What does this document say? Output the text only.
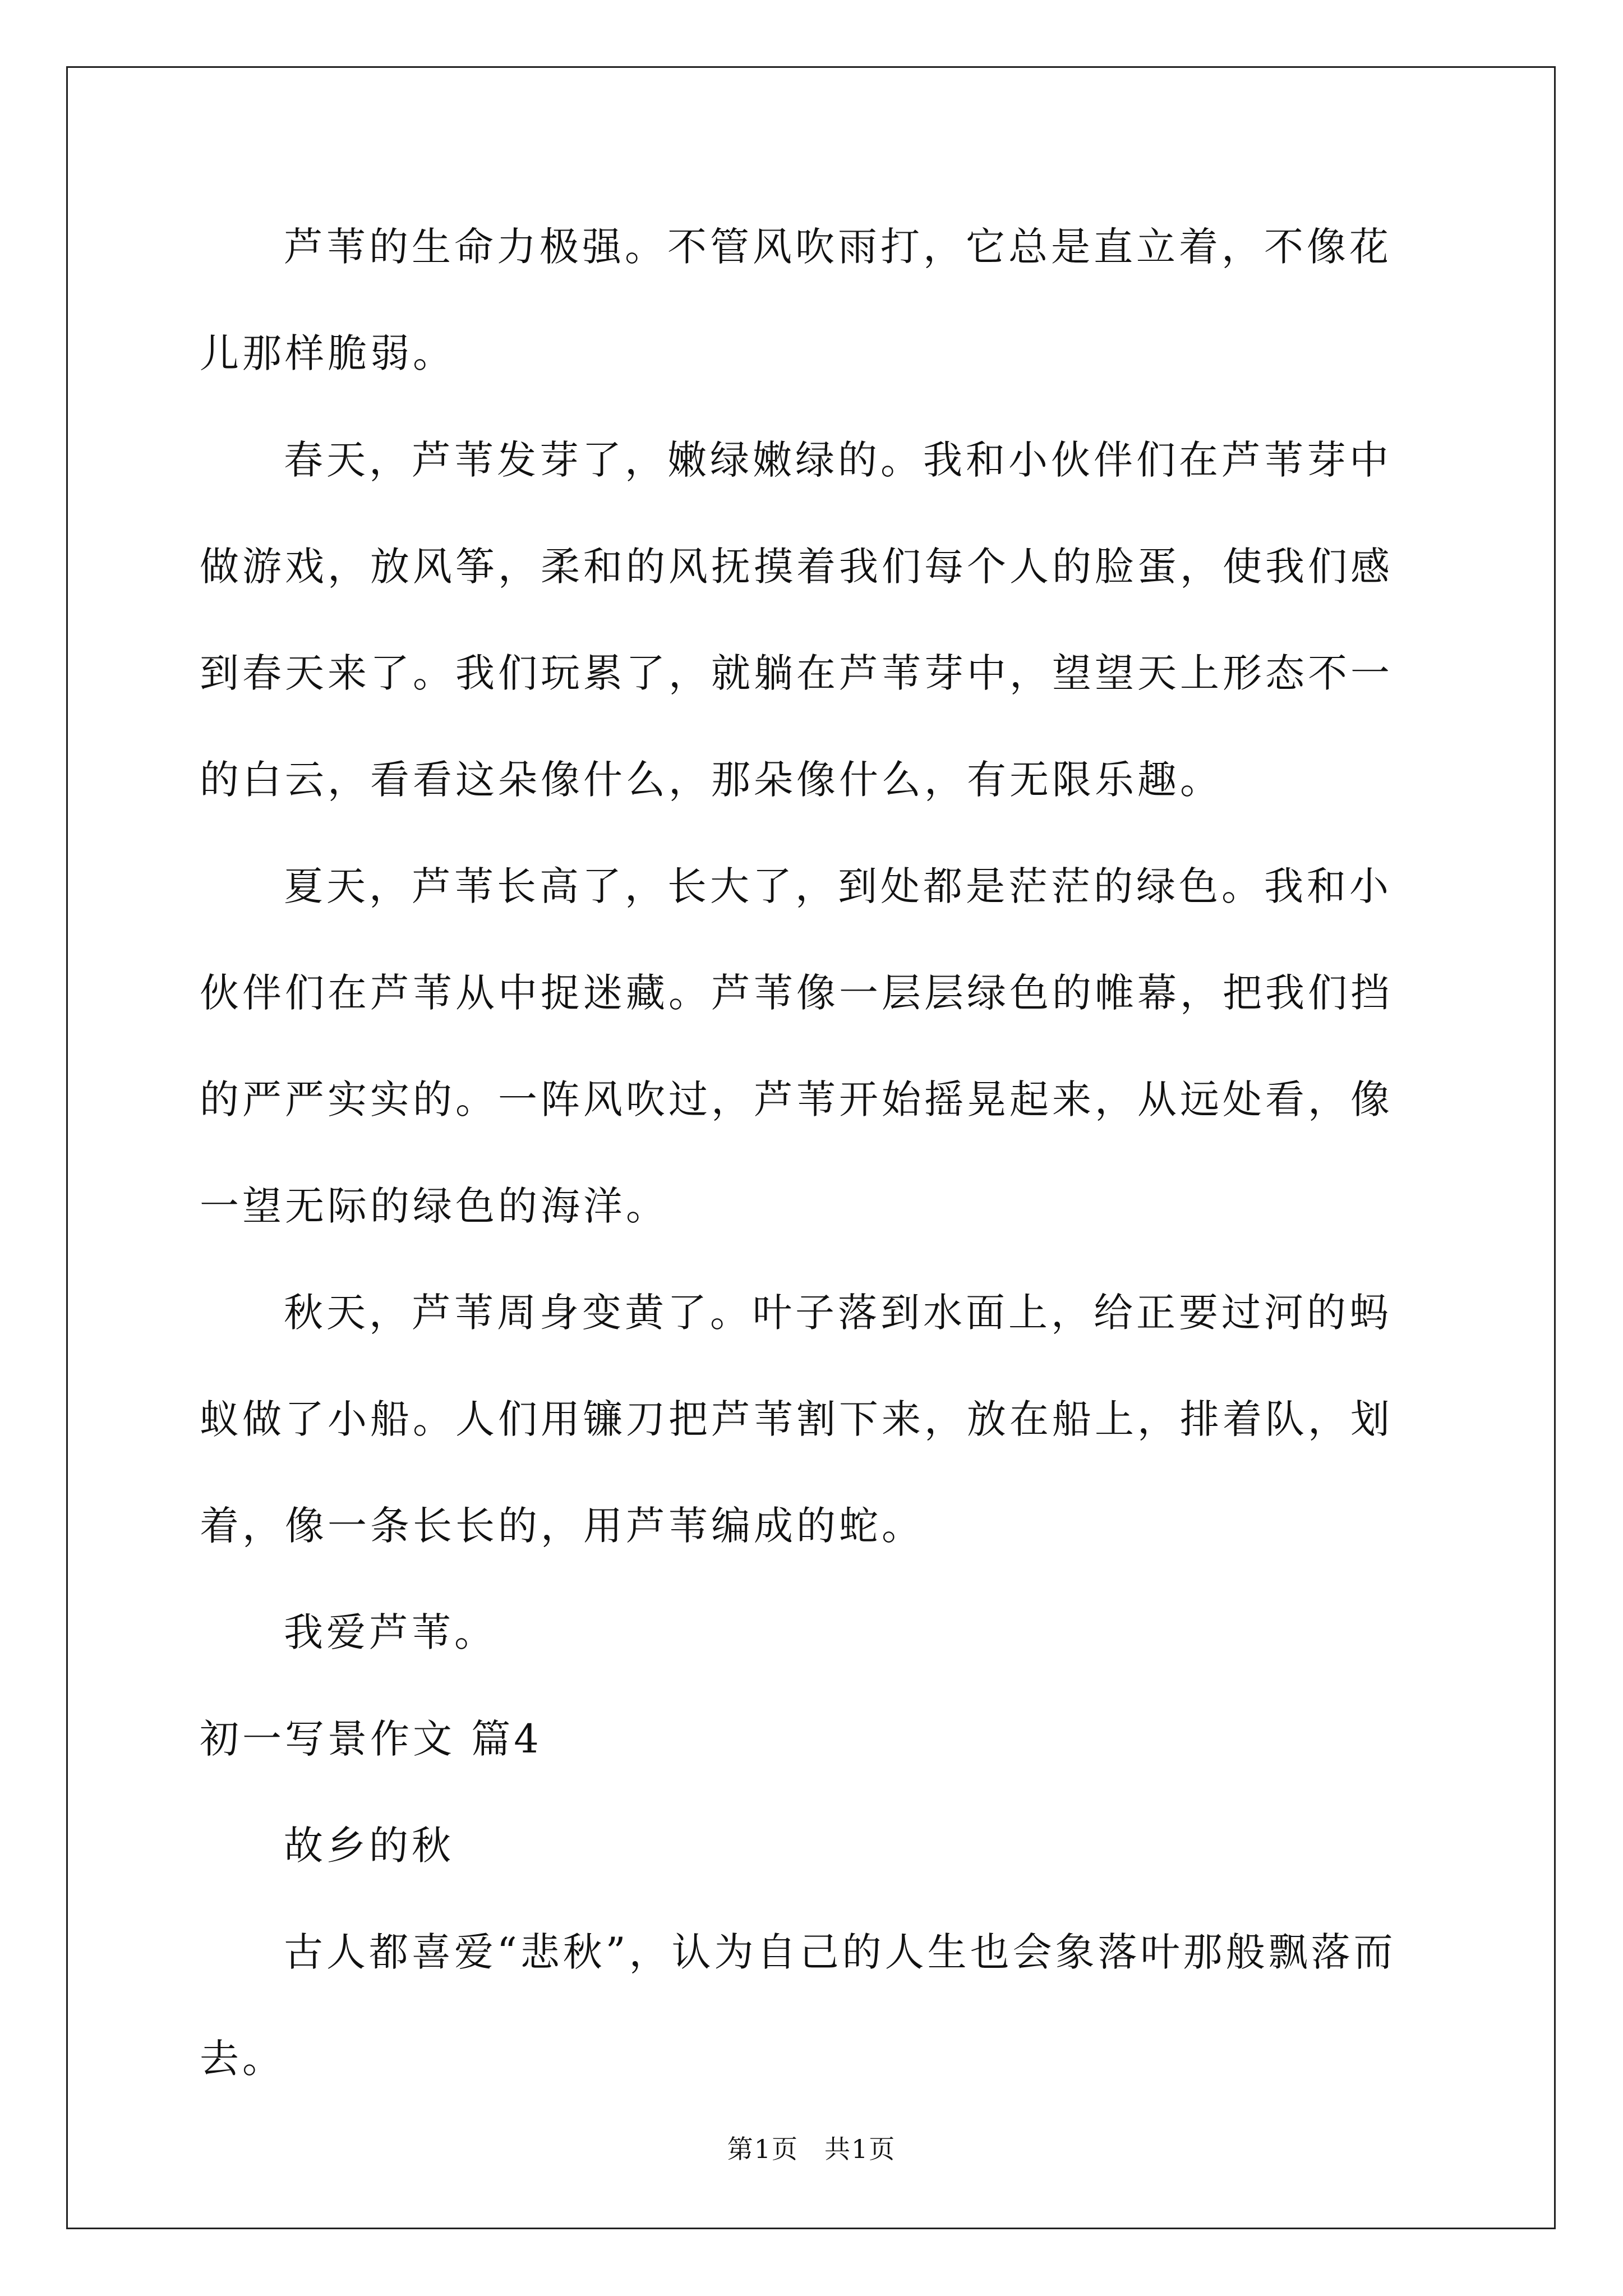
芦苇的生命力极强。不管风吹雨打，它总是直立着，不像花儿那样脆弱。

春天，芦苇发芽了，嫩绿嫩绿的。我和小伙伴们在芦苇芽中做游戏，放风筝，柔和的风抚摸着我们每个人的脸蛋，使我们感到春天来了。我们玩累了，就躺在芦苇芽中，望望天上形态不一的白云，看看这朵像什么，那朵像什么，有无限乐趣。

夏天，芦苇长高了，长大了，到处都是茫茫的绿色。我和小伙伴们在芦苇从中捉迷藏。芦苇像一层层绿色的帷幕，把我们挡的严严实实的。一阵风吹过，芦苇开始摇晃起来，从远处看，像一望无际的绿色的海洋。

秋天，芦苇周身变黄了。叶子落到水面上，给正要过河的蚂蚁做了小船。人们用镰刀把芦苇割下来，放在船上，排着队，划着，像一条长长的，用芦苇编成的蛇。

我爱芦苇。

初一写景作文 篇4

故乡的秋

古人都喜爱“悲秋”，认为自己的人生也会象落叶那般飘落而去。

第1页 共1页
